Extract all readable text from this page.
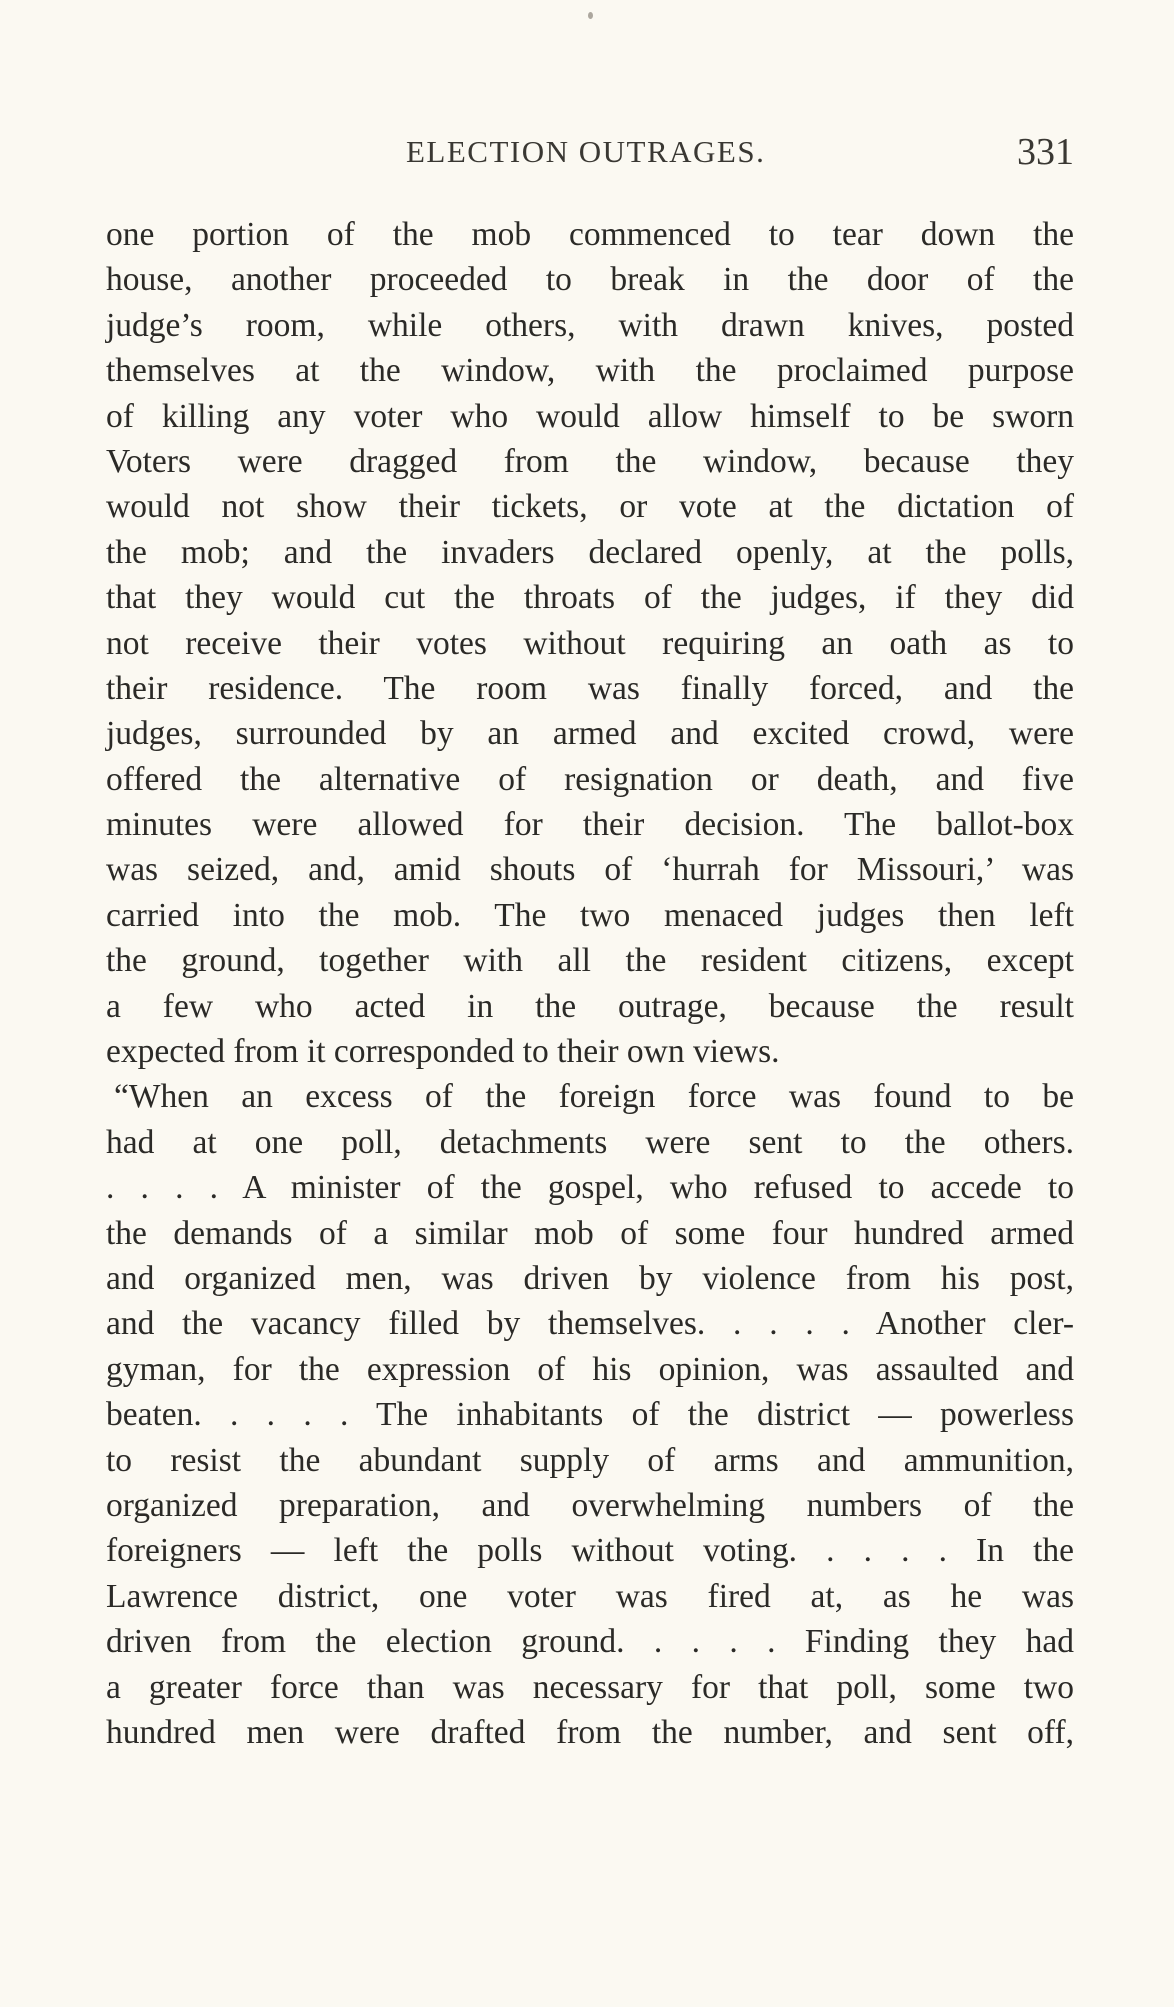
ELECTION OUTRAGES.	331
one portion of the mob commenced to tear down the
house, another proceeded to break in the door of the
judge’s room, while others, with drawn knives, posted
themselves at the window, with the proclaimed purpose
of killing any voter who would allow himself to be sworn
Voters were dragged from the window, because they
would not show their tickets, or vote at the dictation of
the mob; and the invaders declared openly, at the polls,
that they would cut the throats of the judges, if they did
not receive their votes without requiring an oath as to
their residence. The room was finally forced, and the
judges, surrounded by an armed and excited crowd, were
offered the alternative of resignation or death, and five
minutes were allowed for their decision. The ballot-box
was seized, and, amid shouts of ‘hurrah for Missouri,’ was
carried into the mob. The two menaced judges then left
the ground, together with all the resident citizens, except
a few who acted in the outrage, because the result
expected from it corresponded to their own views.
“When an excess of the foreign force was found to be
had at one poll, detachments were sent to the others.
. . . . A minister of the gospel, who refused to accede to
the demands of a similar mob of some four hundred armed
and organized men, was driven by violence from his post,
and the vacancy filled by themselves. . . . . Another cler-
gyman, for the expression of his opinion, was assaulted and
beaten. . . . . The inhabitants of the district — powerless
to resist the abundant supply of arms and ammunition,
organized preparation, and overwhelming numbers of the
foreigners — left the polls without voting. . . . . In the
Lawrence district, one voter was fired at, as he was
driven from the election ground. . . . . Finding they had
a greater force than was necessary for that poll, some two
hundred men were drafted from the number, and sent off,
